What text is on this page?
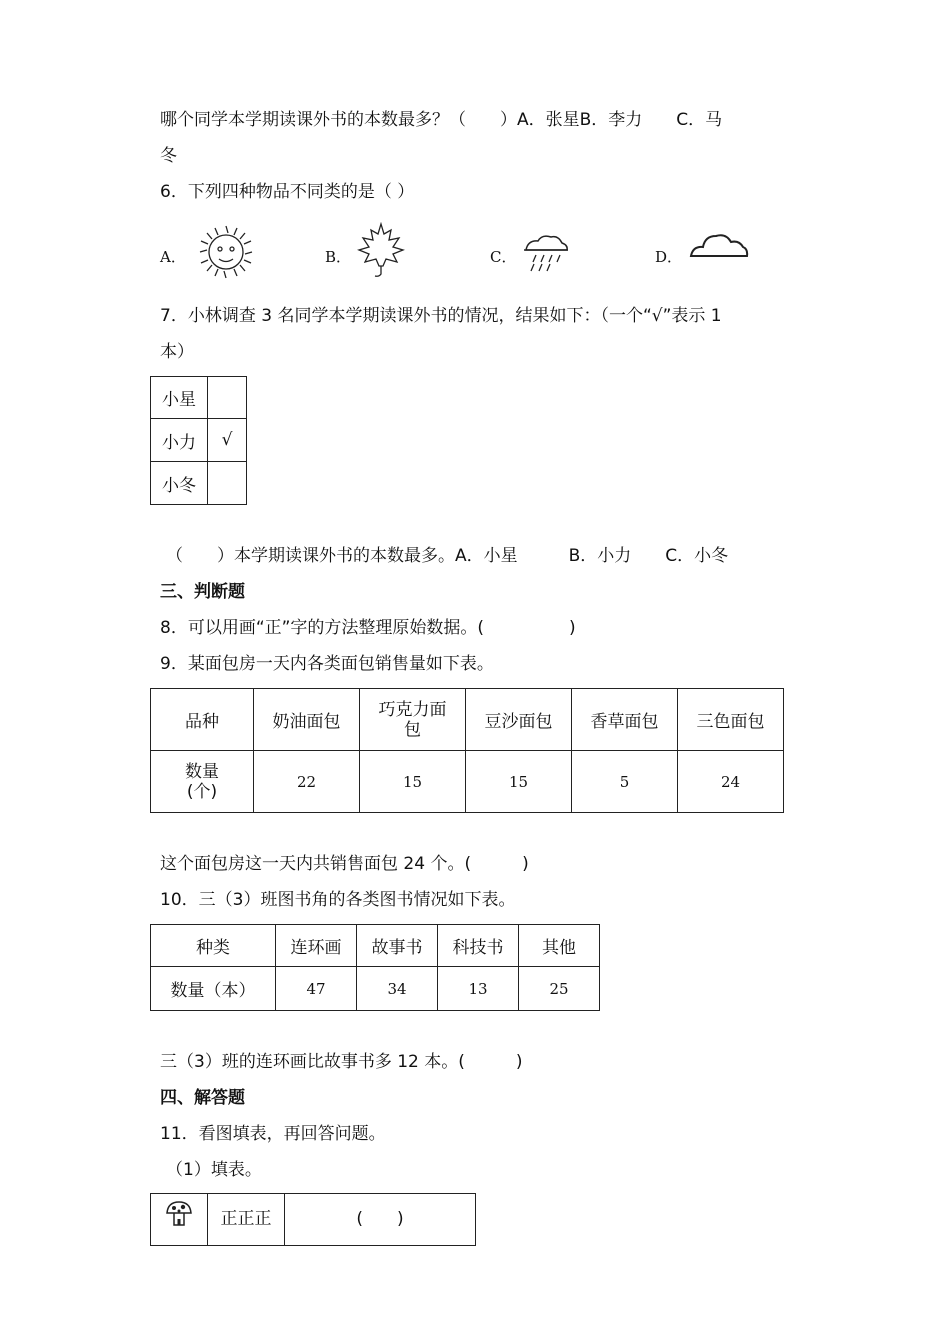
哪个同学本学期读课外书的本数最多？（　　）A．张星B．李力　　C．马
冬
6．下列四种物品不同类的是（ ）
A．	B．	C．	D．
7．小林调查 3 名同学本学期读课外书的情况，结果如下：（一个“√”表示 1
本）
小星	
小力	√
小冬	
（　　）本学期读课外书的本数最多。A．小星　　　B．小力　　C．小冬
三、判断题
8．可以用画“正”字的方法整理原始数据。(　　　　　)
9．某面包房一天内各类面包销售量如下表。
品种	奶油面包	巧克力面包	豆沙面包	香草面包	三色面包
数量(个)	22	15	15	5	24
这个面包房这一天内共销售面包 24 个。(　　　)
10．三（3）班图书角的各类图书情况如下表。
种类	连环画	故事书	科技书	其他
数量（本）	47	34	13	25
三（3）班的连环画比故事书多 12 本。(　　　)
四、解答题
11．看图填表，再回答问题。
（1）填表。
	正正正	(　　)
